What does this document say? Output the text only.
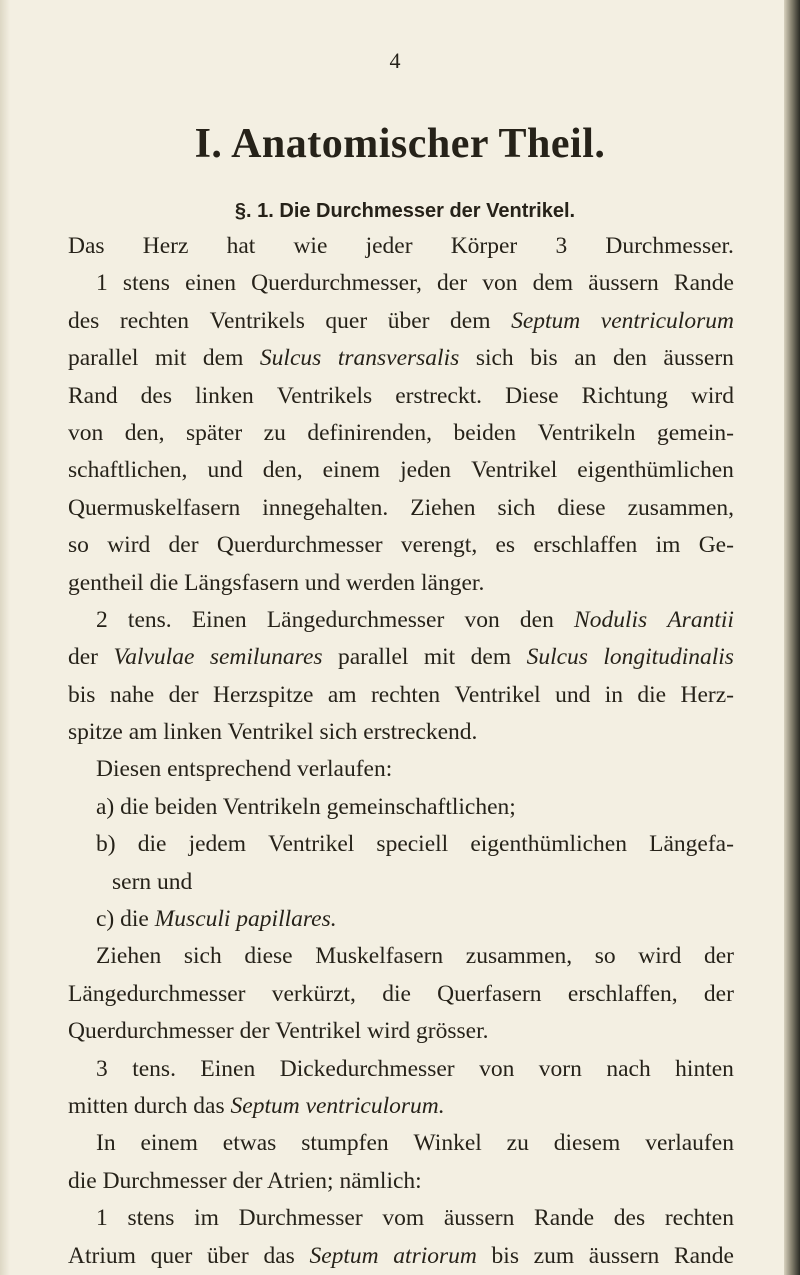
4
I. Anatomischer Theil.
§. 1. Die Durchmesser der Ventrikel.
Das Herz hat wie jeder Körper 3 Durchmesser.
1 stens einen Querdurchmesser, der von dem äussern Rande
des rechten Ventrikels quer über dem Septum ventriculorum
parallel mit dem Sulcus transversalis sich bis an den äussern
Rand des linken Ventrikels erstreckt. Diese Richtung wird
von den, später zu definirenden, beiden Ventrikeln gemein-
schaftlichen, und den, einem jeden Ventrikel eigenthümlichen
Quermuskelfasern innegehalten. Ziehen sich diese zusammen,
so wird der Querdurchmesser verengt, es erschlaffen im Ge-
gentheil die Längsfasern und werden länger.
2 tens. Einen Längedurchmesser von den Nodulis Arantii
der Valvulae semilunares parallel mit dem Sulcus longitudinalis
bis nahe der Herzspitze am rechten Ventrikel und in die Herz-
spitze am linken Ventrikel sich erstreckend.
Diesen entsprechend verlaufen:
a) die beiden Ventrikeln gemeinschaftlichen;
b) die jedem Ventrikel speciell eigenthümlichen Längefa-
sern und
c) die Musculi papillares.
Ziehen sich diese Muskelfasern zusammen, so wird der
Längedurchmesser verkürzt, die Querfasern erschlaffen, der
Querdurchmesser der Ventrikel wird grösser.
3 tens. Einen Dickedurchmesser von vorn nach hinten
mitten durch das Septum ventriculorum.
In einem etwas stumpfen Winkel zu diesem verlaufen
die Durchmesser der Atrien; nämlich:
1 stens im Durchmesser vom äussern Rande des rechten
Atrium quer über das Septum atriorum bis zum äussern Rande
